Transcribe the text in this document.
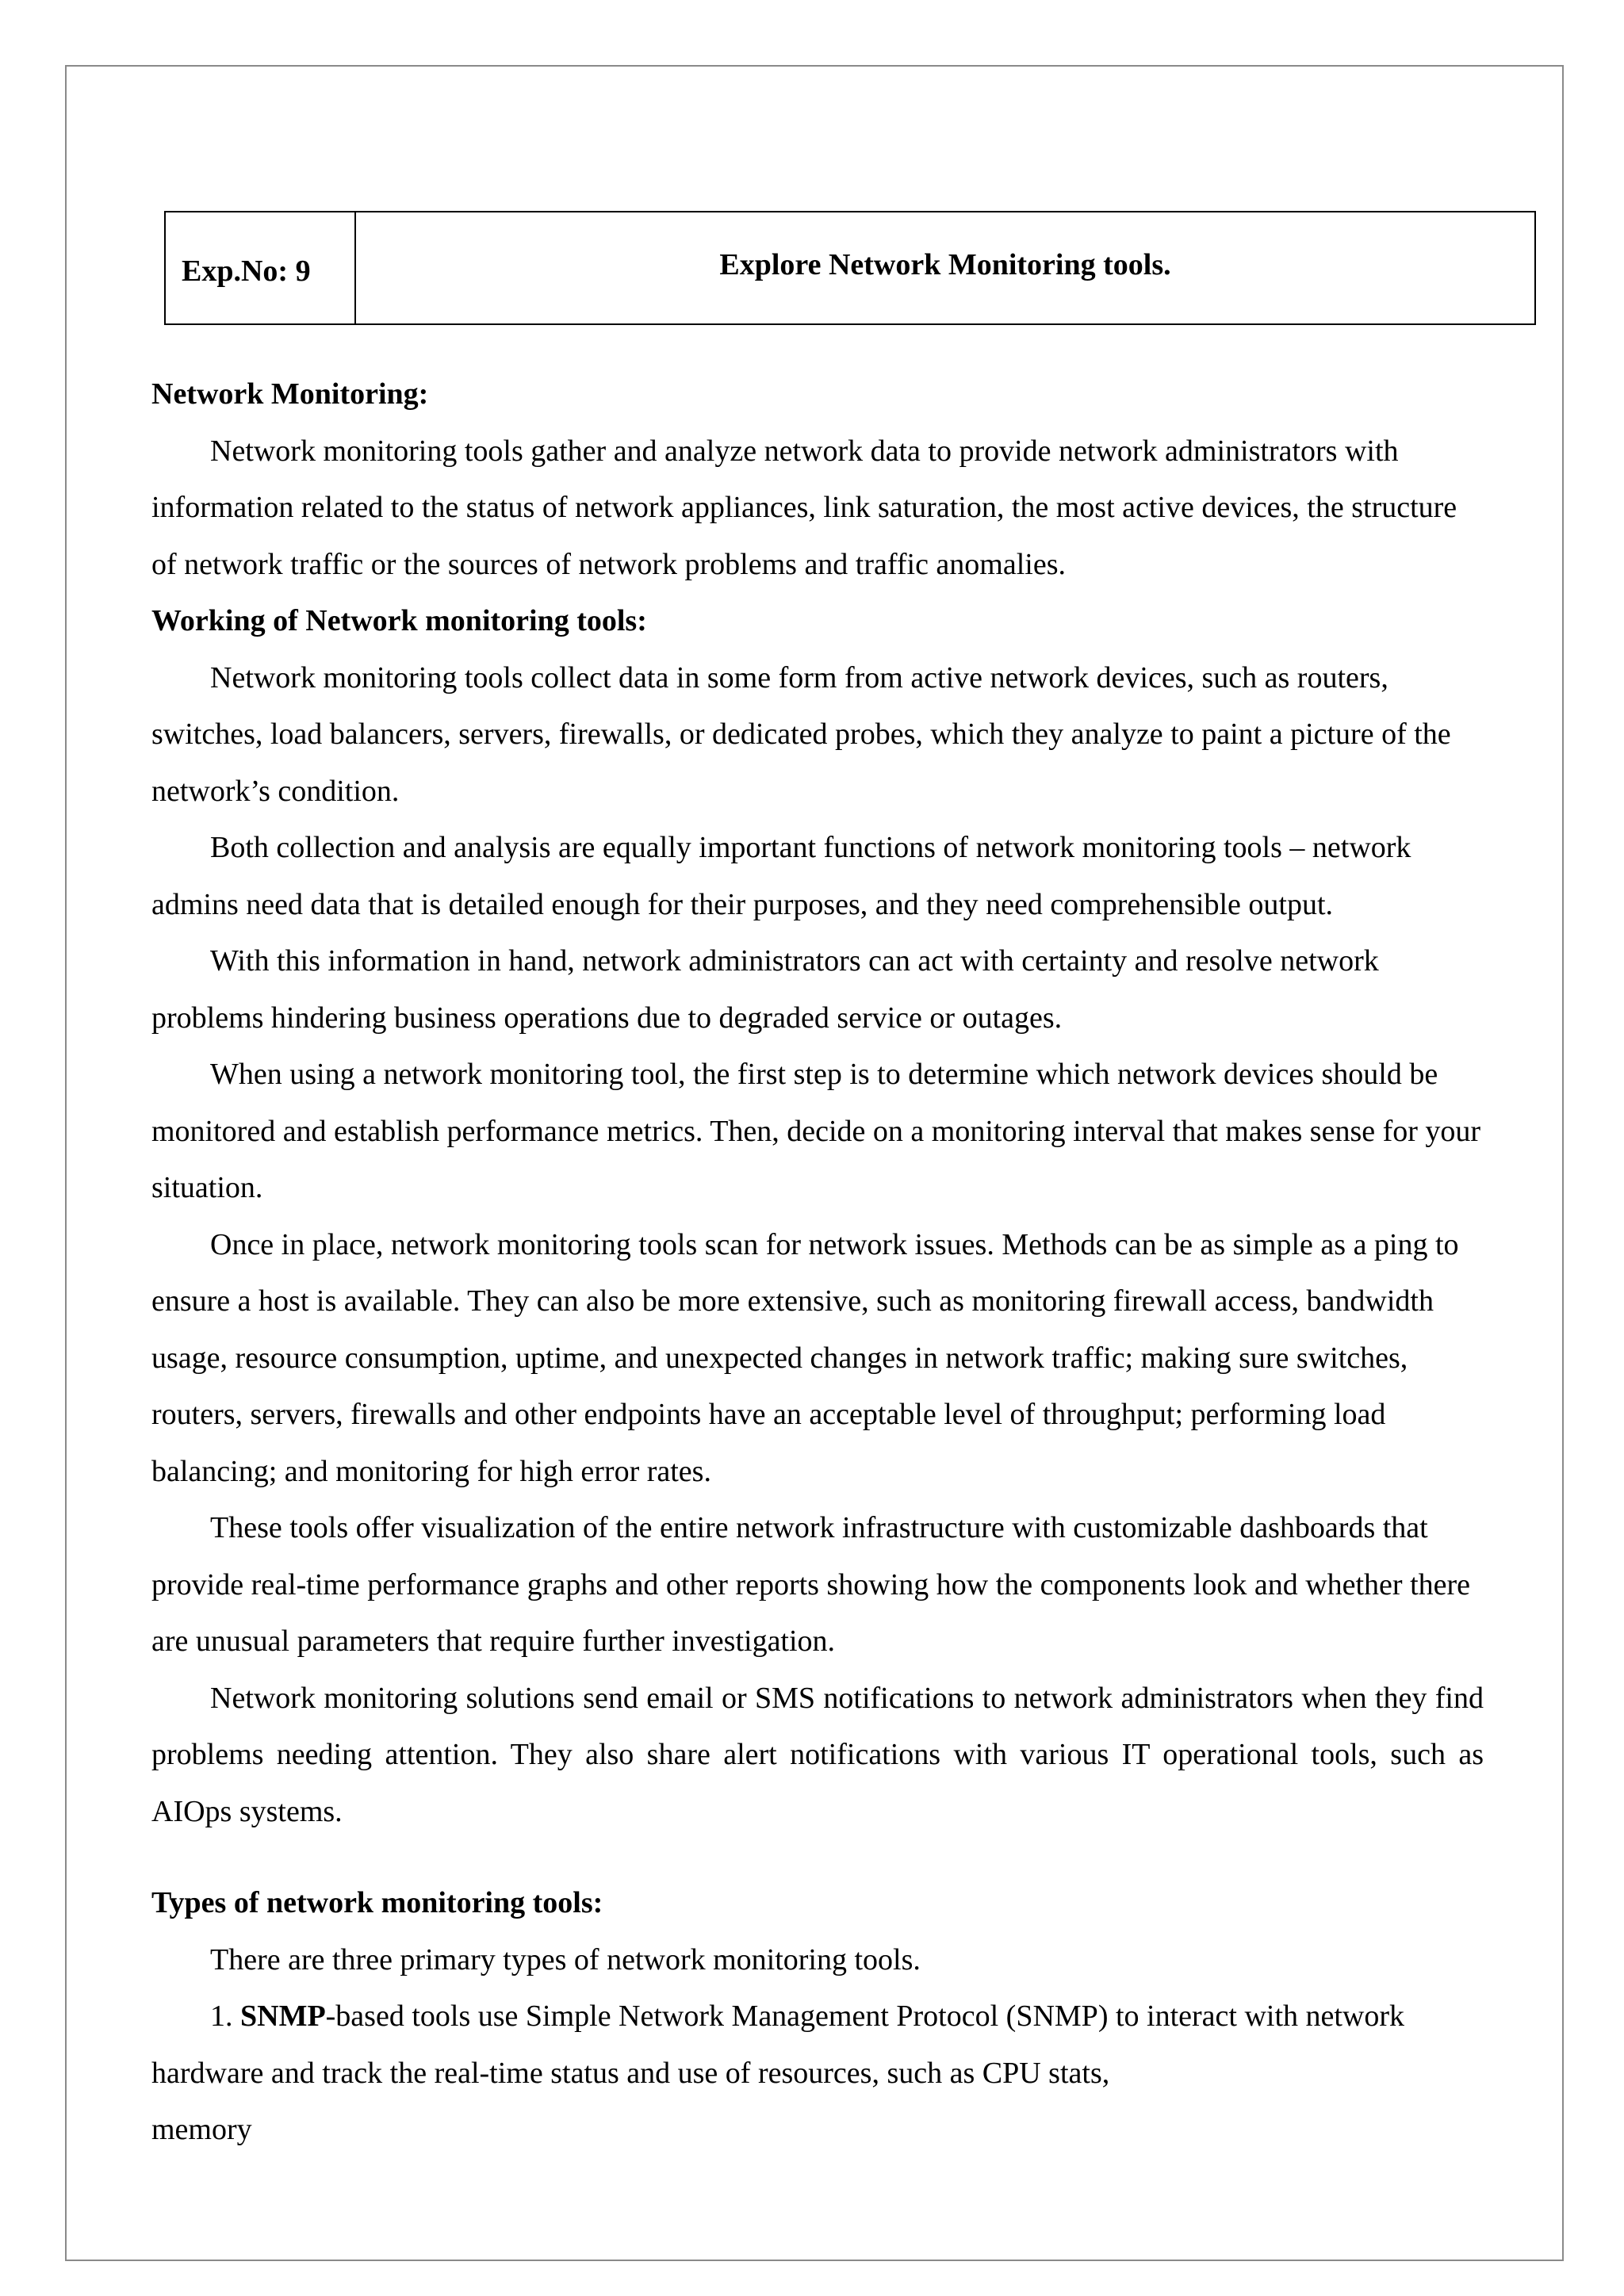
Exp.No: 9	Explore Network Monitoring tools.
Network Monitoring:

Network monitoring tools gather and analyze network data to provide network administrators with information related to the status of network appliances, link saturation, the most active devices, the structure of network traffic or the sources of network problems and traffic anomalies.

Working of Network monitoring tools:

Network monitoring tools collect data in some form from active network devices, such as routers, switches, load balancers, servers, firewalls, or dedicated probes, which they analyze to paint a picture of the network’s condition.

Both collection and analysis are equally important functions of network monitoring tools – network admins need data that is detailed enough for their purposes, and they need comprehensible output.

With this information in hand, network administrators can act with certainty and resolve network problems hindering business operations due to degraded service or outages.

When using a network monitoring tool, the first step is to determine which network devices should be monitored and establish performance metrics. Then, decide on a monitoring interval that makes sense for your situation.

Once in place, network monitoring tools scan for network issues. Methods can be as simple as a ping to ensure a host is available. They can also be more extensive, such as monitoring firewall access, bandwidth usage, resource consumption, uptime, and unexpected changes in network traffic; making sure switches, routers, servers, firewalls and other endpoints have an acceptable level of throughput; performing load balancing; and monitoring for high error rates.

These tools offer visualization of the entire network infrastructure with customizable dashboards that provide real-time performance graphs and other reports showing how the components look and whether there are unusual parameters that require further investigation.

Network monitoring solutions send email or SMS notifications to network administrators when they find problems needing attention. They also share alert notifications with various IT operational tools, such as AIOps systems.

Types of network monitoring tools:

There are three primary types of network monitoring tools.

1. SNMP-based tools use Simple Network Management Protocol (SNMP) to interact with network hardware and track the real-time status and use of resources, such as CPU stats,

memory
